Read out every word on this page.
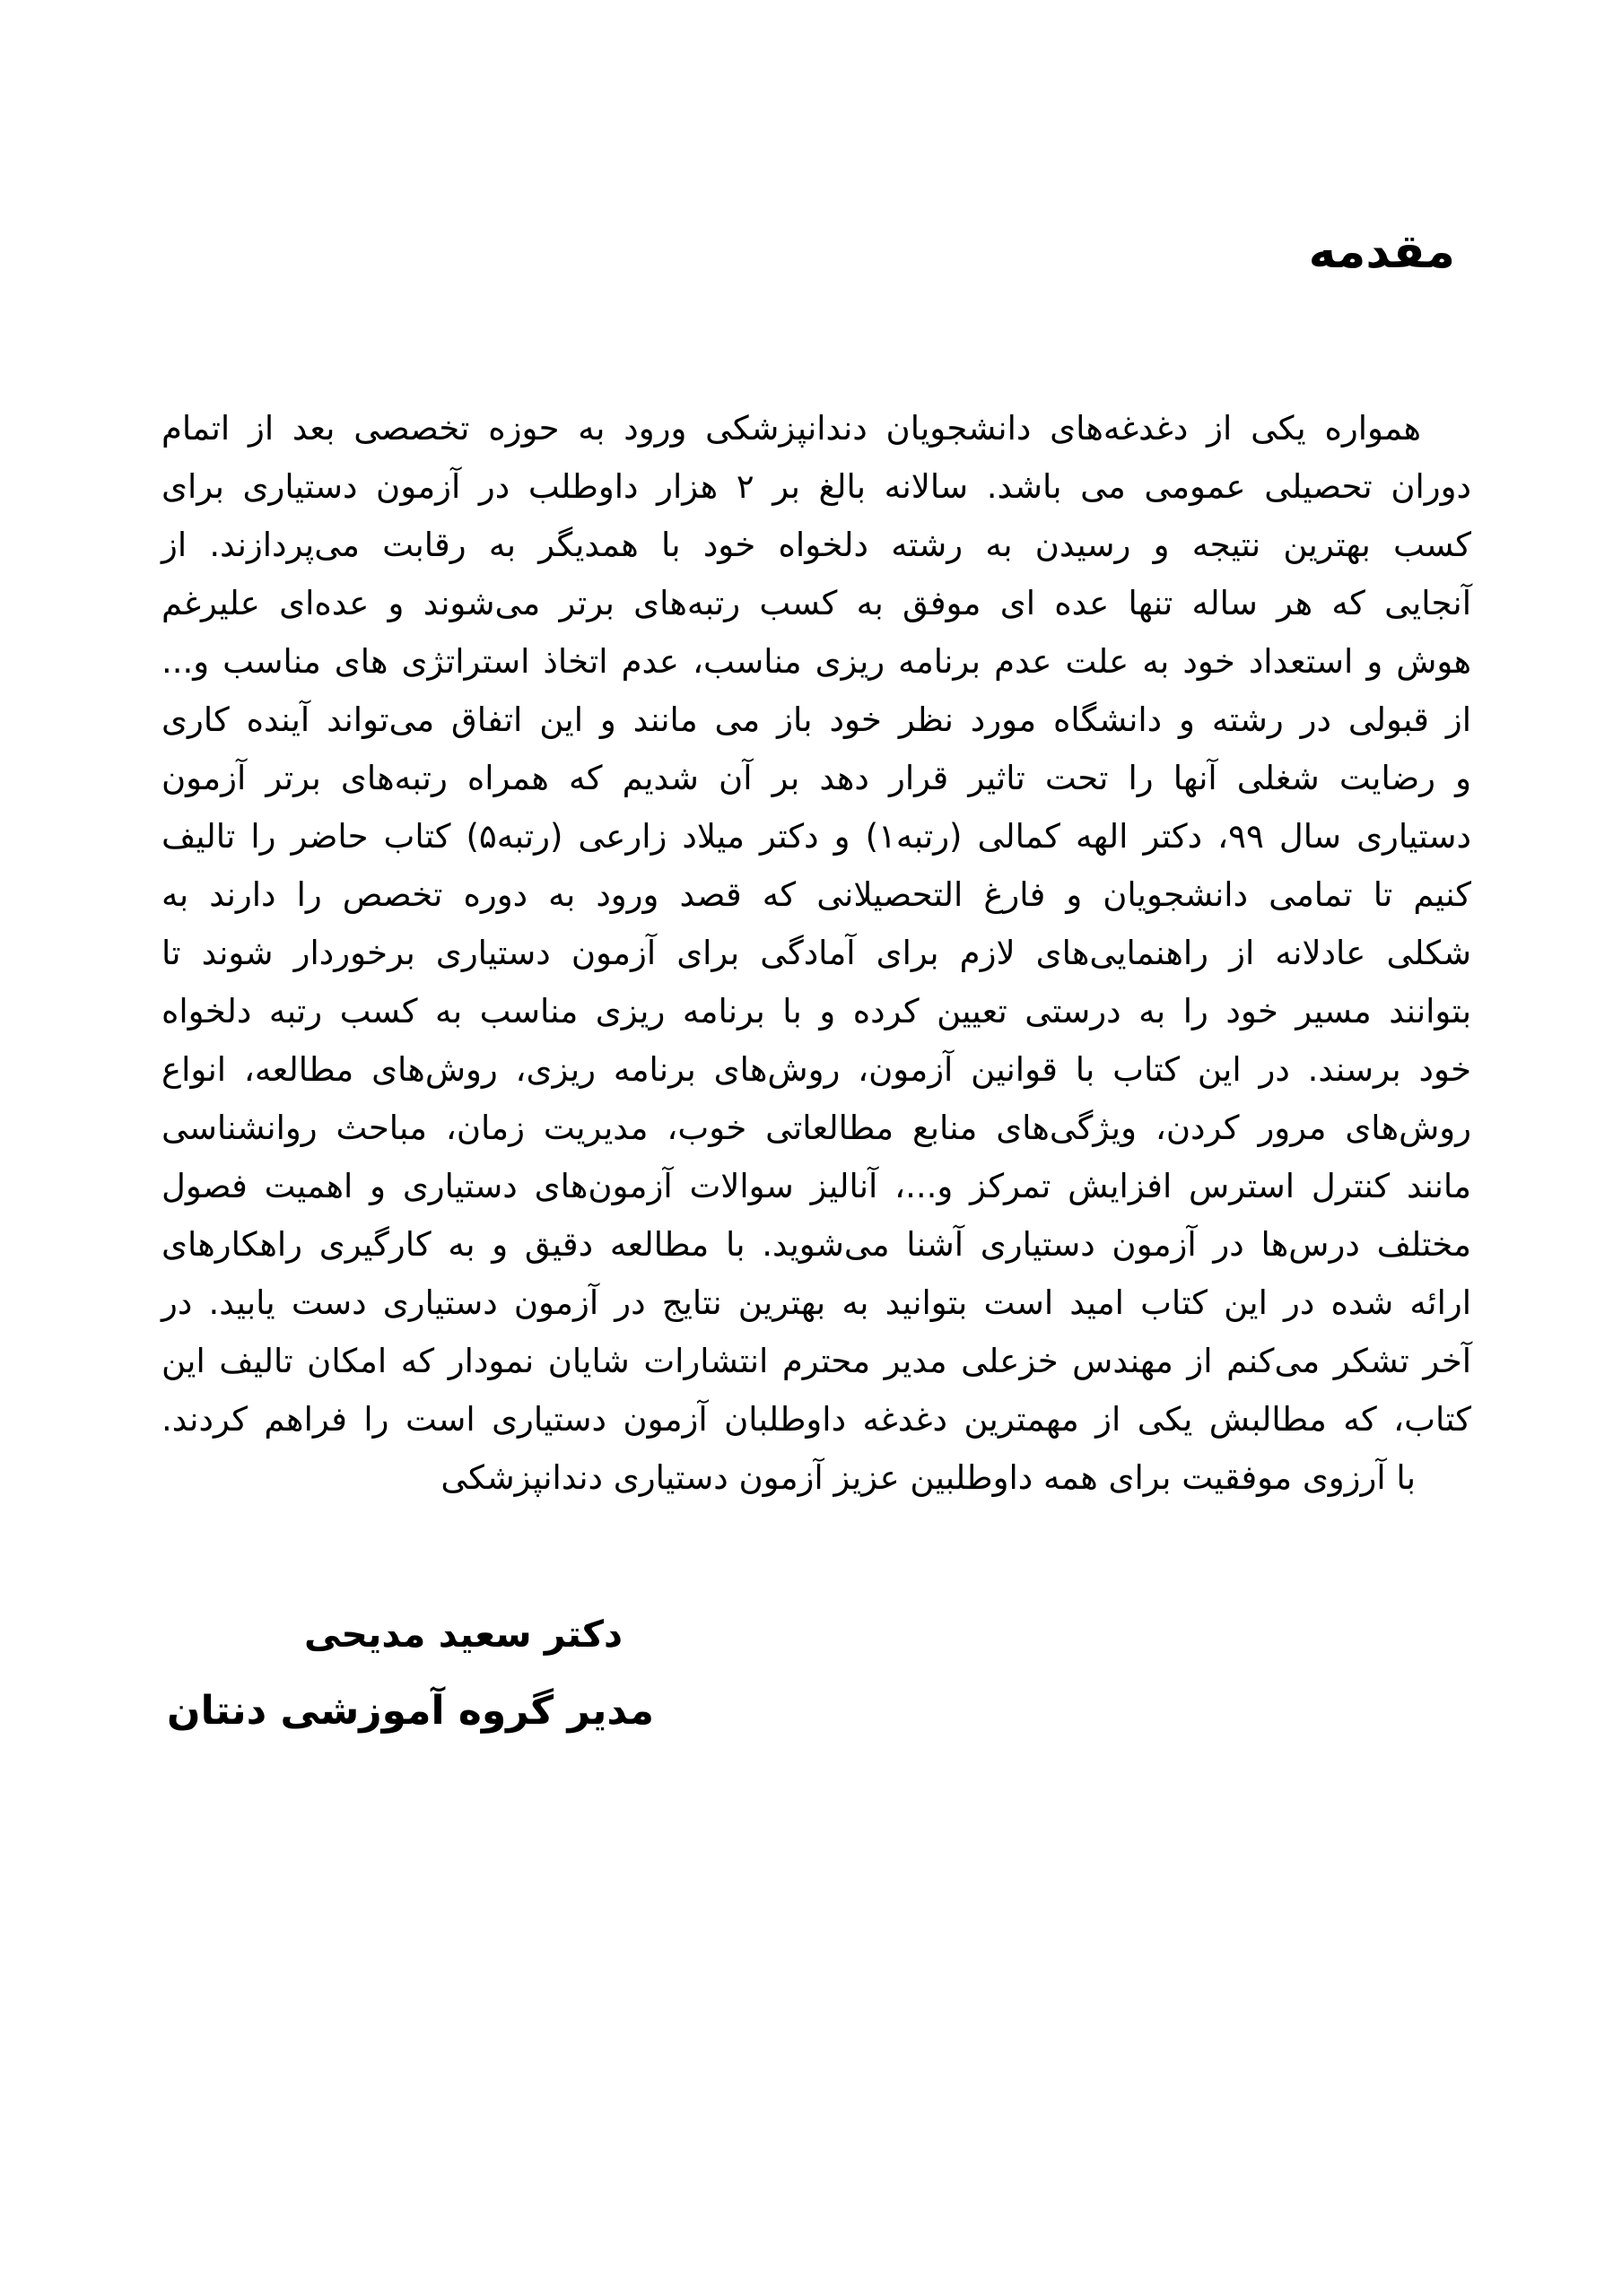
مقدمه
همواره یکی از دغدغه‌های دانشجویان دندانپزشکی ورود به حوزه تخصصی بعد از اتمام
دوران تحصیلی عمومی می باشد. سالانه بالغ بر ۲ هزار داوطلب در آزمون دستیاری برای
کسب بهترین نتیجه و رسیدن به رشته دلخواه خود با همدیگر به رقابت می‌پردازند. از
آنجایی که هر ساله تنها عده ای موفق به کسب رتبه‌های برتر می‌شوند و عده‌ای علیرغم
هوش و استعداد خود به علت عدم برنامه ریزی مناسب، عدم اتخاذ استراتژی های مناسب و...
از قبولی در رشته و دانشگاه مورد نظر خود باز می مانند و این اتفاق می‌تواند آینده کاری
و رضایت شغلی آنها را تحت تاثیر قرار دهد بر آن شدیم که همراه رتبه‌های برتر آزمون
دستیاری سال ۹۹، دکتر الهه کمالی (رتبه۱) و دکتر میلاد زارعی (رتبه۵) کتاب حاضر را تالیف
کنیم تا تمامی دانشجویان و فارغ التحصیلانی که قصد ورود به دوره تخصص را دارند به
شکلی عادلانه از راهنمایی‌های لازم برای آمادگی برای آزمون دستیاری برخوردار شوند تا
بتوانند مسیر خود را به درستی تعیین کرده و با برنامه ریزی مناسب به کسب رتبه دلخواه
خود برسند. در این کتاب با قوانین آزمون، روش‌های برنامه ریزی، روش‌های مطالعه، انواع
روش‌های مرور کردن، ویژگی‌های منابع مطالعاتی خوب، مدیریت زمان، مباحث روانشناسی
مانند کنترل استرس افزایش تمرکز و...، آنالیز سوالات آزمون‌های دستیاری و اهمیت فصول
مختلف درس‌ها در آزمون دستیاری آشنا می‌شوید. با مطالعه دقیق و به کارگیری راهکارهای
ارائه شده در این کتاب امید است بتوانید به بهترین نتایج در آزمون دستیاری دست یابید. در
آخر تشکر می‌کنم از مهندس خزعلی مدیر محترم انتشارات شایان نمودار که امکان تالیف این
کتاب، که مطالبش یکی از مهمترین دغدغه داوطلبان آزمون دستیاری است را فراهم کردند.
با آرزوی موفقیت برای همه داوطلبین عزیز آزمون دستیاری دندانپزشکی
دکتر سعید مدیحی
مدیر گروه آموزشی دنتان
